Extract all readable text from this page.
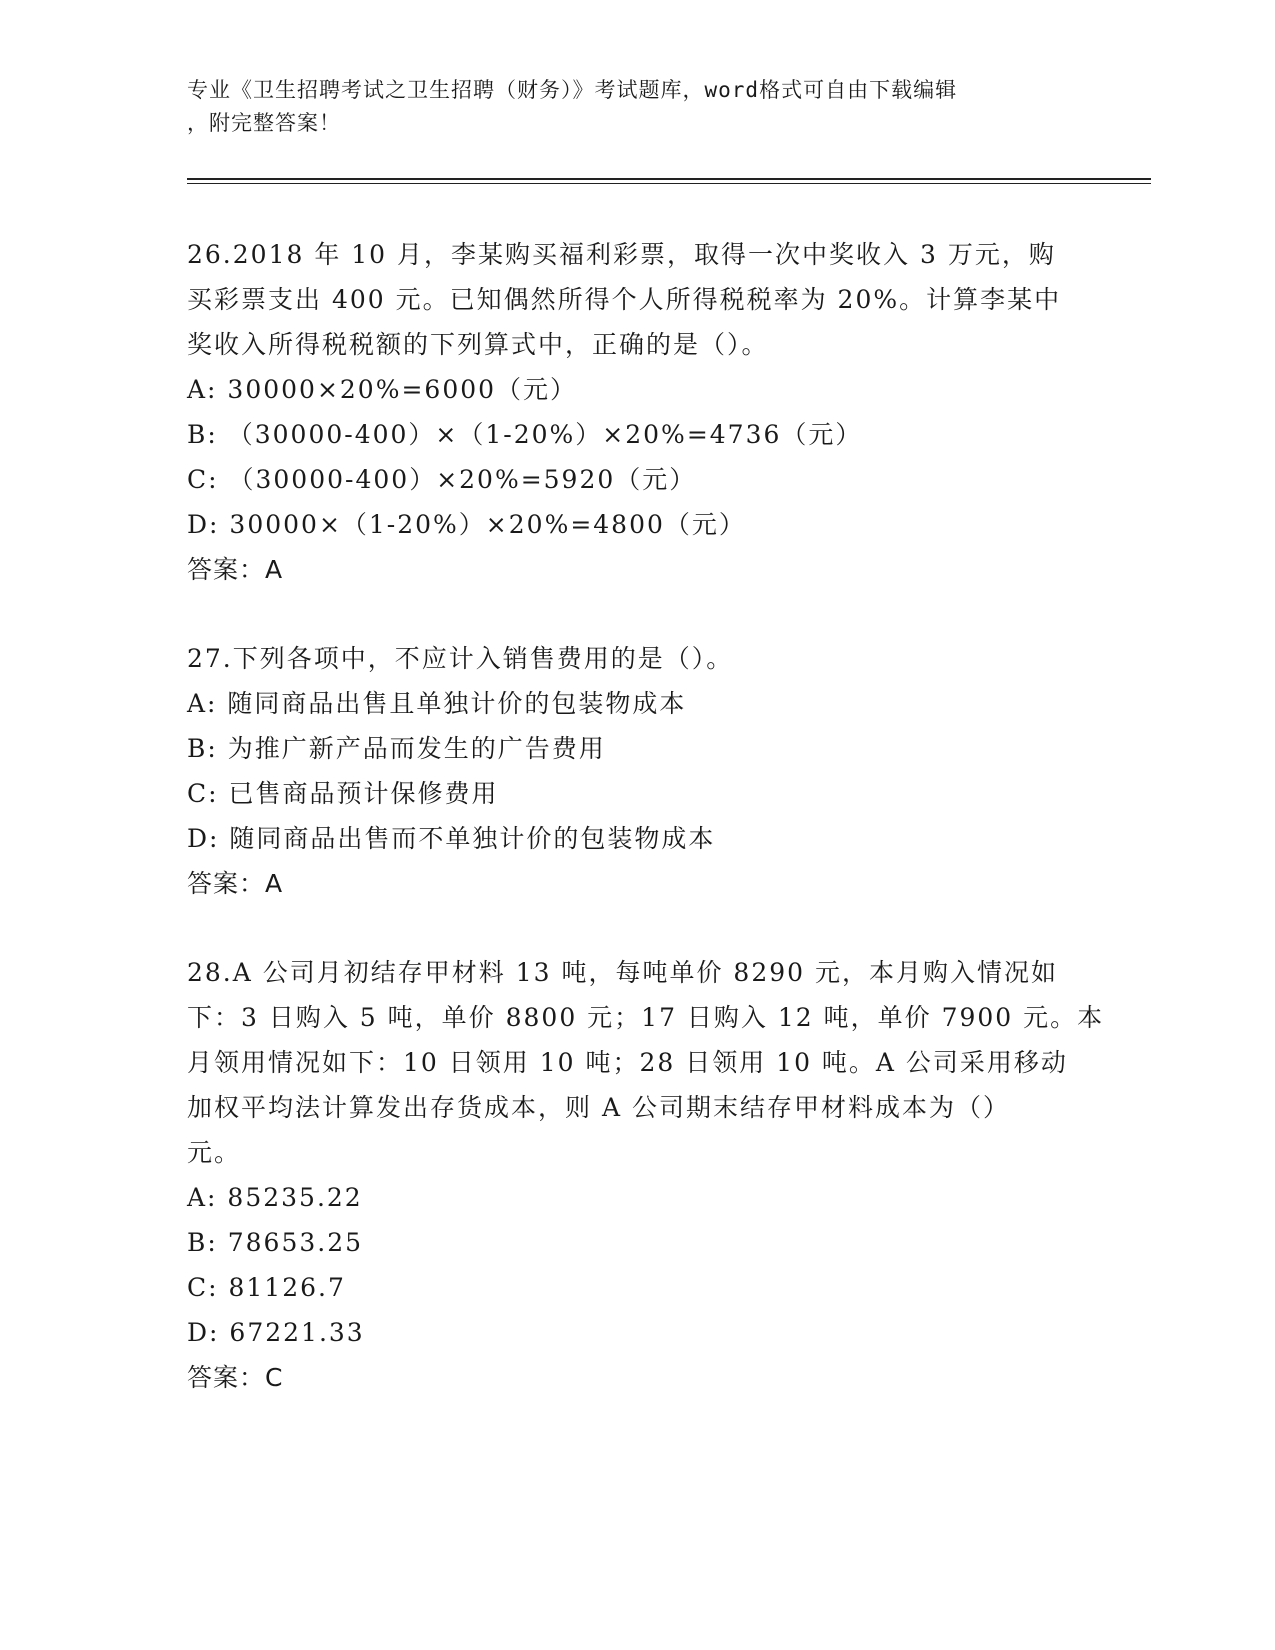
专业《卫生招聘考试之卫生招聘（财务）》考试题库，word格式可自由下载编辑
，附完整答案！
26.2018 年 10 月，李某购买福利彩票，取得一次中奖收入 3 万元，购
买彩票支出 400 元。已知偶然所得个人所得税税率为 20%。计算李某中
奖收入所得税税额的下列算式中，正确的是（）。
A: 30000×20%=6000（元）
B: （30000-400）×（1-20%）×20%=4736（元）
C: （30000-400）×20%=5920（元）
D: 30000×（1-20%）×20%=4800（元）
答案：A
27.下列各项中，不应计入销售费用的是（）。
A: 随同商品出售且单独计价的包装物成本
B: 为推广新产品而发生的广告费用
C: 已售商品预计保修费用
D: 随同商品出售而不单独计价的包装物成本
答案：A
28.A 公司月初结存甲材料 13 吨，每吨单价 8290 元，本月购入情况如
下：3 日购入 5 吨，单价 8800 元；17 日购入 12 吨，单价 7900 元。本
月领用情况如下：10 日领用 10 吨；28 日领用 10 吨。A 公司采用移动
加权平均法计算发出存货成本，则 A 公司期末结存甲材料成本为（）
元。
A: 85235.22
B: 78653.25
C: 81126.7
D: 67221.33
答案：C
